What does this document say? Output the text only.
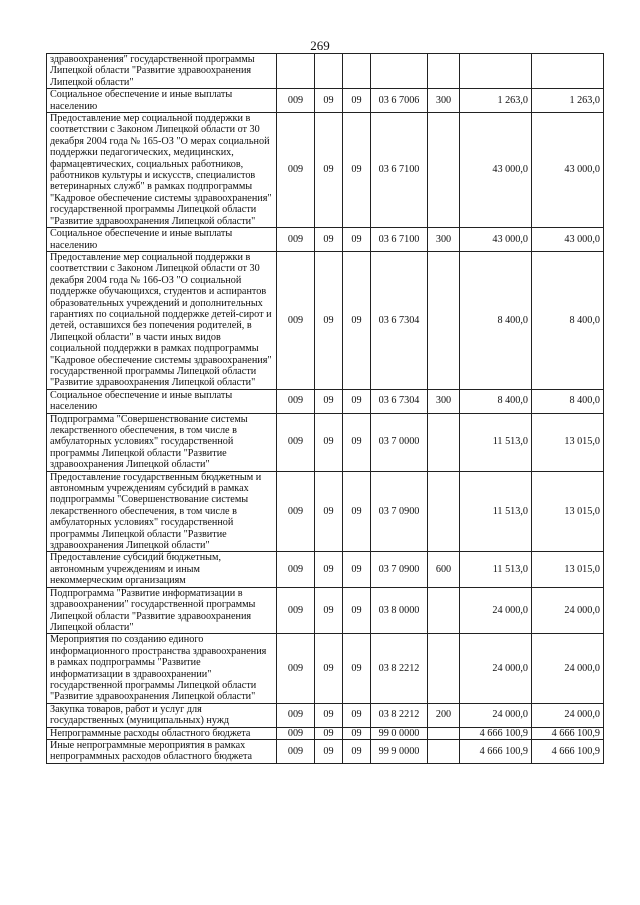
269
здравоохранения" государственной программы Липецкой области "Развитие здравоохранения Липецкой области"							
Социальное обеспечение и иные выплаты населению	009	09	09	03 6 7006	300	1 263,0	1 263,0
Предоставление мер социальной поддержки в соответствии с Законом Липецкой области от 30 декабря 2004 года № 165-ОЗ "О мерах социальной поддержки педагогических, медицинских, фармацевтических, социальных работников, работников культуры и искусств, специалистов ветеринарных служб" в рамках подпрограммы "Кадровое обеспечение системы здравоохранения" государственной программы Липецкой области "Развитие здравоохранения Липецкой области"	009	09	09	03 6 7100		43 000,0	43 000,0
Социальное обеспечение и иные выплаты населению	009	09	09	03 6 7100	300	43 000,0	43 000,0
Предоставление мер социальной поддержки в соответствии с Законом Липецкой области от 30 декабря 2004 года № 166-ОЗ "О социальной поддержке обучающихся, студентов и аспирантов образовательных учреждений и дополнительных гарантиях по социальной поддержке детей-сирот и детей, оставшихся без попечения родителей, в Липецкой области" в части иных видов социальной поддержки в рамках подпрограммы "Кадровое обеспечение системы здравоохранения" государственной программы Липецкой области "Развитие здравоохранения Липецкой области"	009	09	09	03 6 7304		8 400,0	8 400,0
Социальное обеспечение и иные выплаты населению	009	09	09	03 6 7304	300	8 400,0	8 400,0
Подпрограмма "Совершенствование системы лекарственного обеспечения, в том числе в амбулаторных условиях" государственной программы Липецкой области "Развитие здравоохранения Липецкой области"	009	09	09	03 7 0000		11 513,0	13 015,0
Предоставление государственным бюджетным и автономным учреждениям субсидий в рамках подпрограммы "Совершенствование системы лекарственного обеспечения, в том числе в амбулаторных условиях" государственной программы Липецкой области "Развитие здравоохранения Липецкой области"	009	09	09	03 7 0900		11 513,0	13 015,0
Предоставление субсидий бюджетным, автономным учреждениям и иным некоммерческим организациям	009	09	09	03 7 0900	600	11 513,0	13 015,0
Подпрограмма "Развитие информатизации в здравоохранении" государственной программы Липецкой области "Развитие здравоохранения Липецкой области"	009	09	09	03 8 0000		24 000,0	24 000,0
Мероприятия по созданию единого информационного пространства здравоохранения в рамках подпрограммы "Развитие информатизации в здравоохранении" государственной программы Липецкой области "Развитие здравоохранения Липецкой области"	009	09	09	03 8 2212		24 000,0	24 000,0
Закупка товаров, работ и услуг для государственных (муниципальных) нужд	009	09	09	03 8 2212	200	24 000,0	24 000,0
Непрограммные расходы областного бюджета	009	09	09	99 0 0000		4 666 100,9	4 666 100,9
Иные непрограммные мероприятия в рамках непрограммных расходов областного бюджета	009	09	09	99 9 0000		4 666 100,9	4 666 100,9
